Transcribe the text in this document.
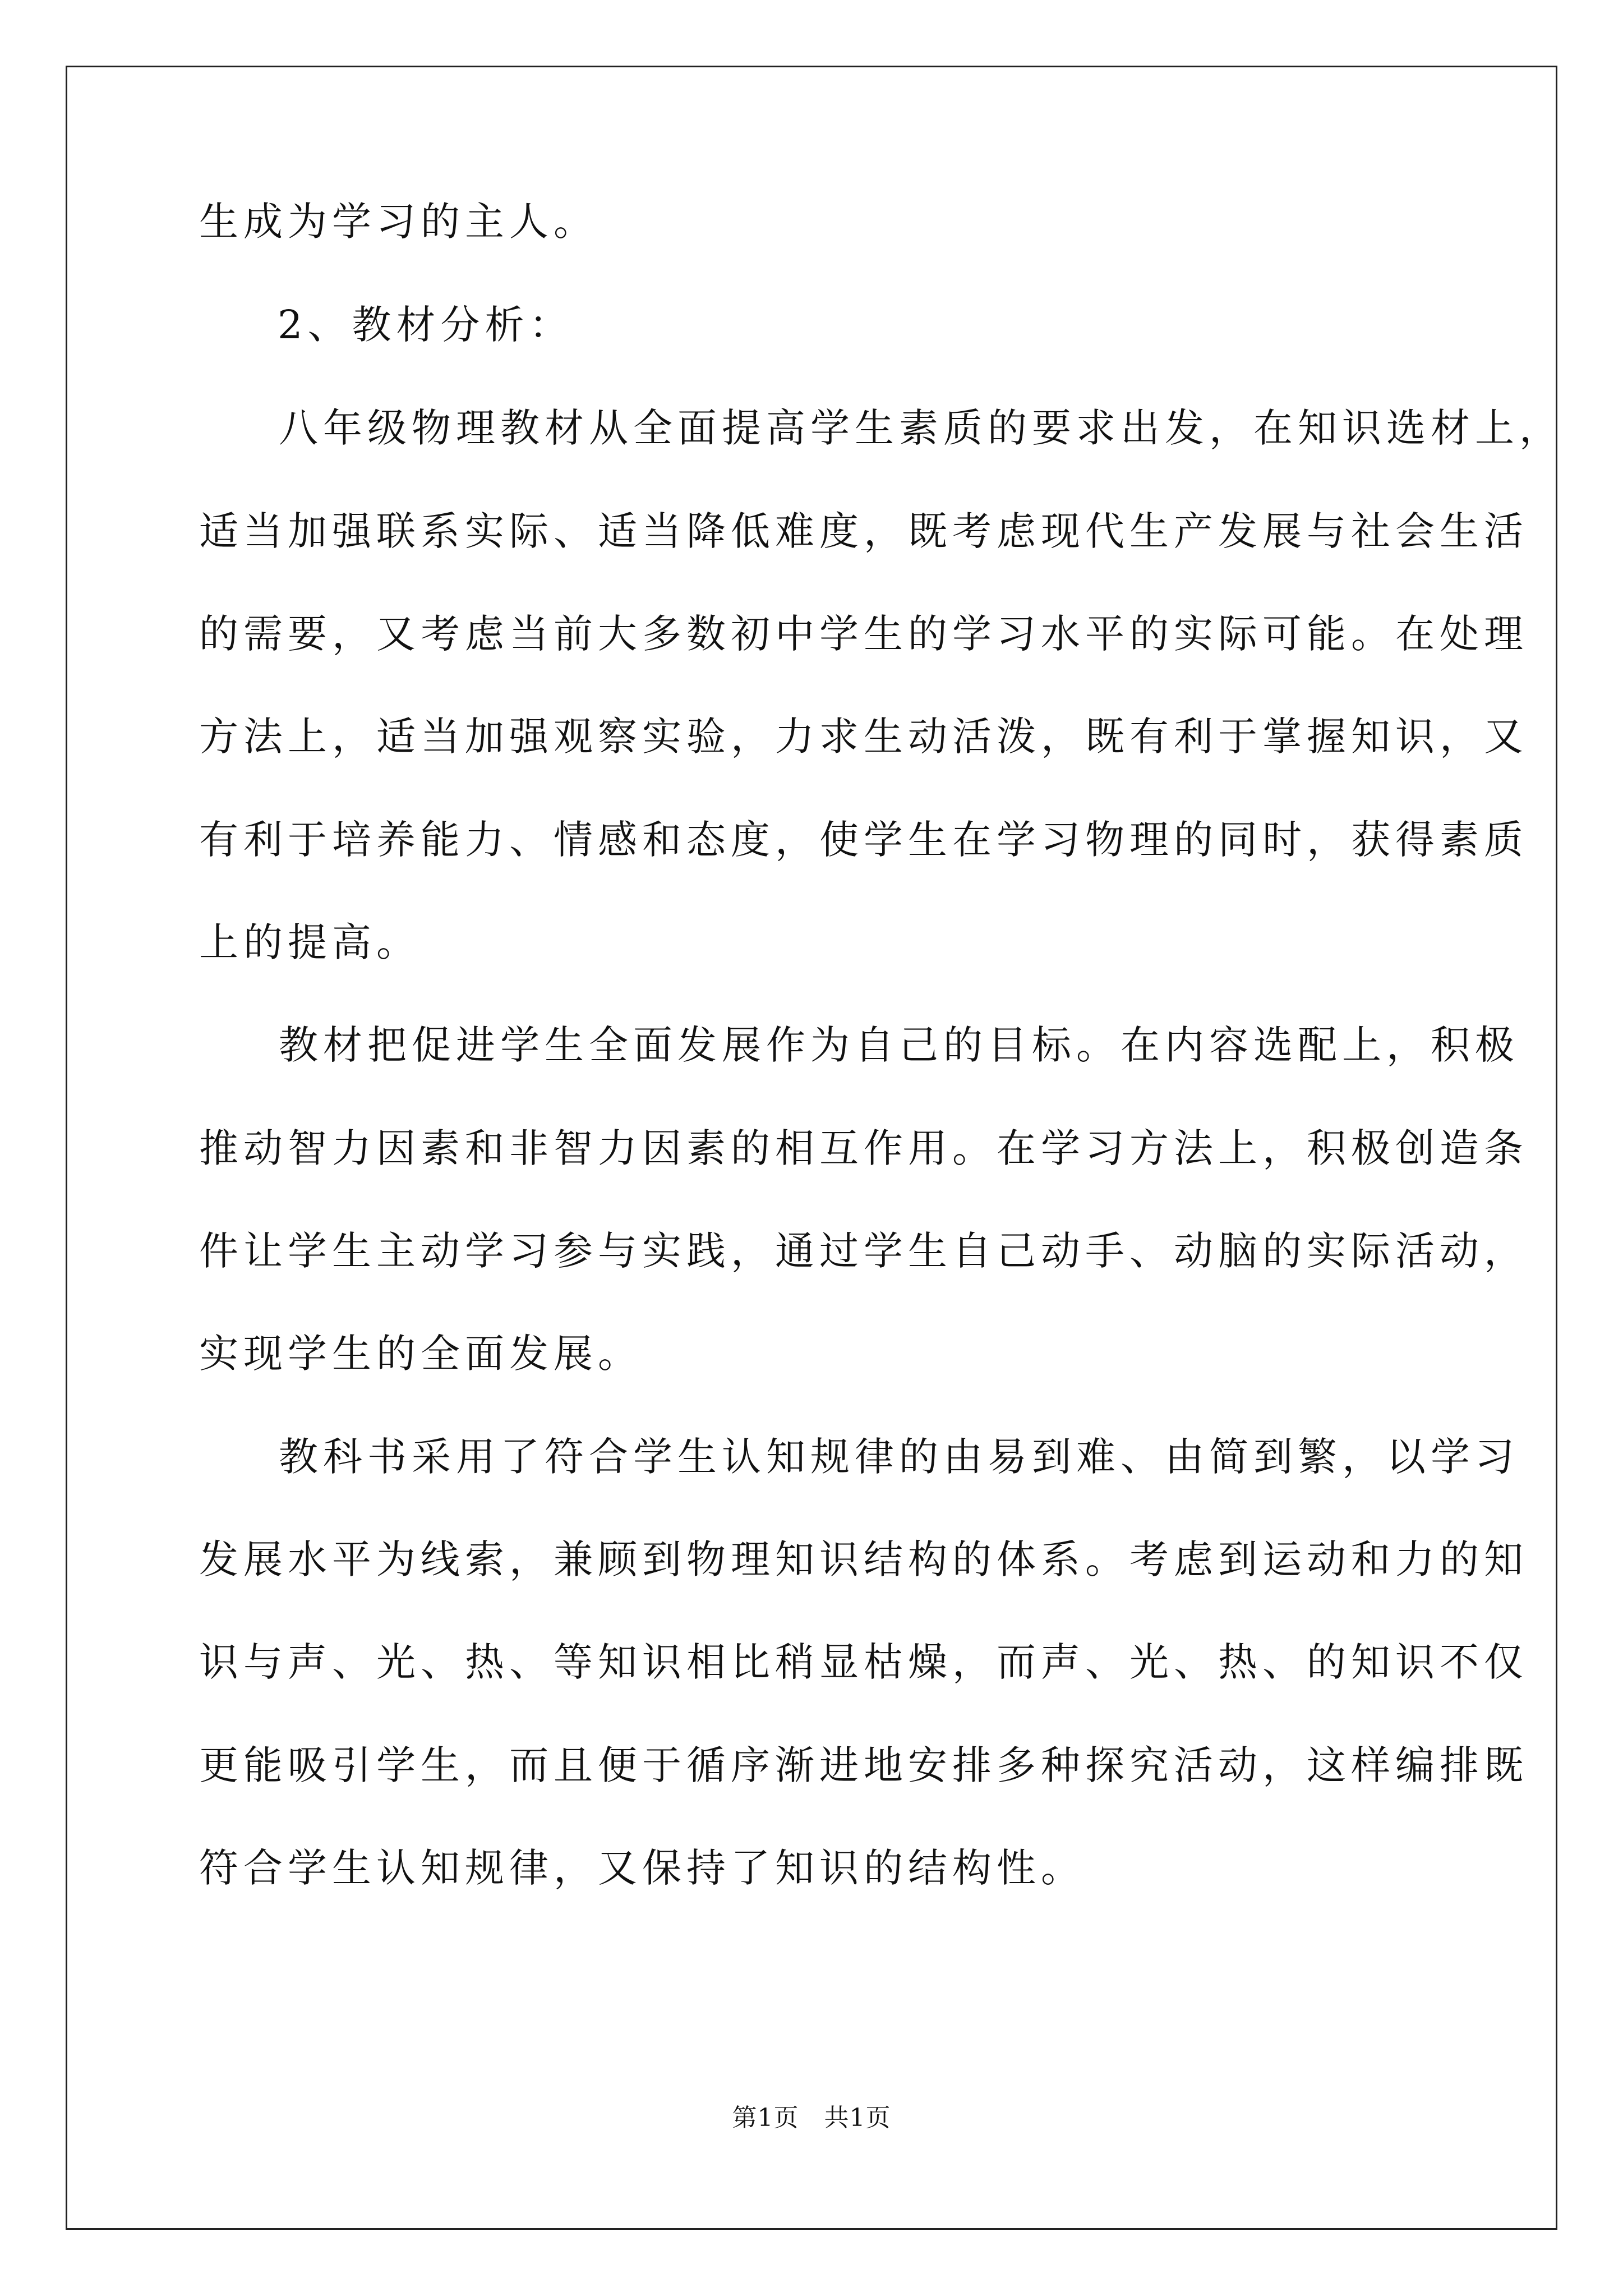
生成为学习的主人。
2、教材分析：
八年级物理教材从全面提高学生素质的要求出发，在知识选材上，
适当加强联系实际、适当降低难度，既考虑现代生产发展与社会生活
的需要，又考虑当前大多数初中学生的学习水平的实际可能。在处理
方法上，适当加强观察实验，力求生动活泼，既有利于掌握知识，又
有利于培养能力、情感和态度，使学生在学习物理的同时，获得素质
上的提高。
教材把促进学生全面发展作为自己的目标。在内容选配上，积极
推动智力因素和非智力因素的相互作用。在学习方法上，积极创造条
件让学生主动学习参与实践，通过学生自己动手、动脑的实际活动，
实现学生的全面发展。
教科书采用了符合学生认知规律的由易到难、由简到繁，以学习
发展水平为线索，兼顾到物理知识结构的体系。考虑到运动和力的知
识与声、光、热、等知识相比稍显枯燥，而声、光、热、的知识不仅
更能吸引学生，而且便于循序渐进地安排多种探究活动，这样编排既
符合学生认知规律，又保持了知识的结构性。
第1页　共1页
